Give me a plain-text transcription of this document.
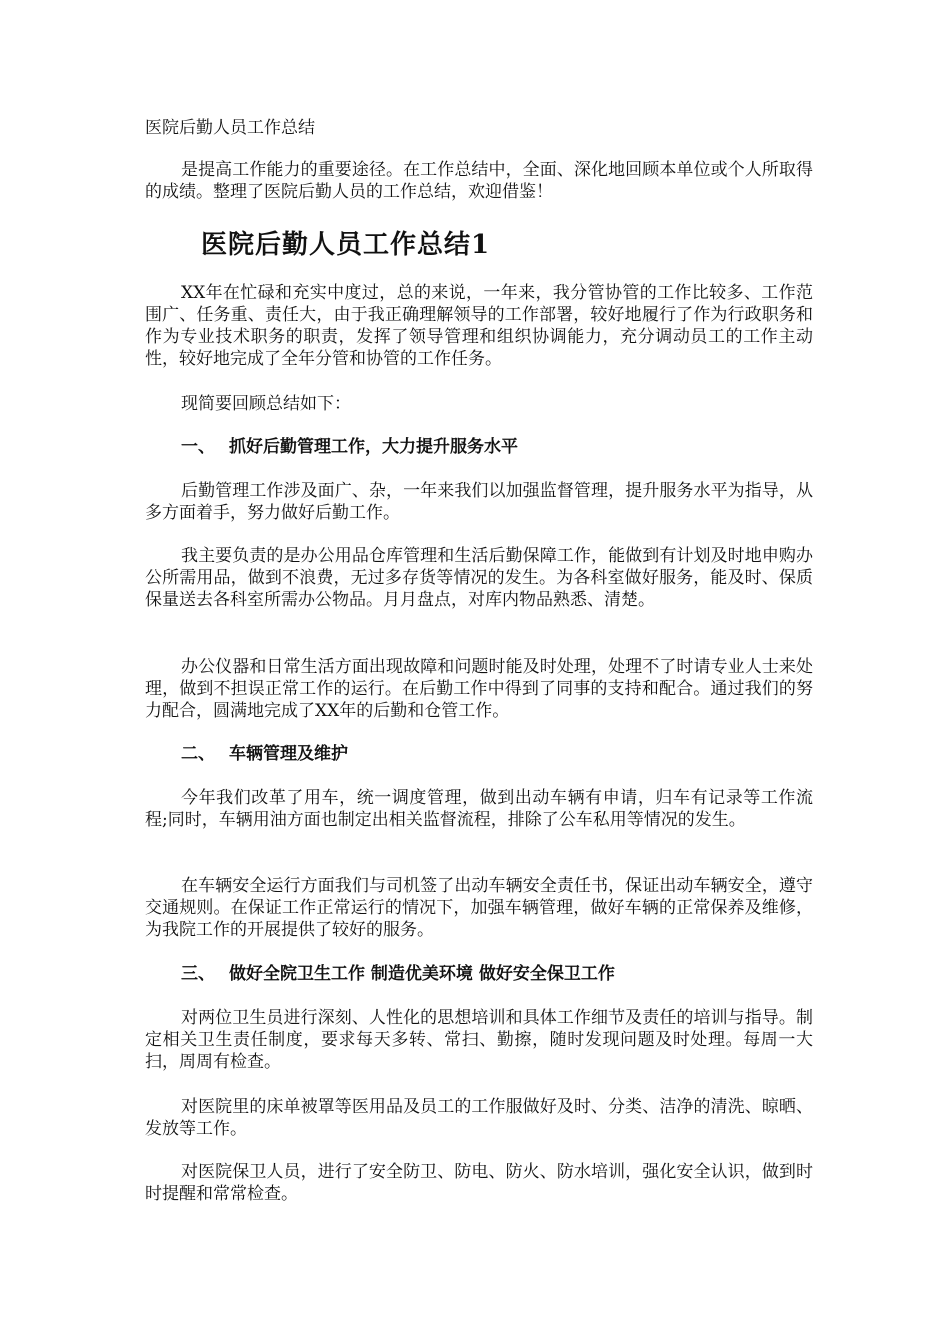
医院后勤人员工作总结

是提高工作能力的重要途径。在工作总结中，全面、深化地回顾本单位或个人所取得的成绩。整理了医院后勤人员的工作总结，欢迎借鉴！

医院后勤人员工作总结1

XX年在忙碌和充实中度过，总的来说，一年来，我分管协管的工作比较多、工作范围广、任务重、责任大，由于我正确理解领导的工作部署，较好地履行了作为行政职务和作为专业技术职务的职责，发挥了领导管理和组织协调能力，充分调动员工的工作主动性，较好地完成了全年分管和协管的工作任务。

现简要回顾总结如下：

一、 抓好后勤管理工作，大力提升服务水平

后勤管理工作涉及面广、杂，一年来我们以加强监督管理，提升服务水平为指导，从多方面着手，努力做好后勤工作。

我主要负责的是办公用品仓库管理和生活后勤保障工作，能做到有计划及时地申购办公所需用品，做到不浪费，无过多存货等情况的发生。为各科室做好服务，能及时、保质保量送去各科室所需办公物品。月月盘点，对库内物品熟悉、清楚。

办公仪器和日常生活方面出现故障和问题时能及时处理，处理不了时请专业人士来处理，做到不担误正常工作的运行。在后勤工作中得到了同事的支持和配合。通过我们的努力配合，圆满地完成了XX年的后勤和仓管工作。

二、 车辆管理及维护

今年我们改革了用车，统一调度管理，做到出动车辆有申请，归车有记录等工作流程;同时，车辆用油方面也制定出相关监督流程，排除了公车私用等情况的发生。

在车辆安全运行方面我们与司机签了出动车辆安全责任书，保证出动车辆安全，遵守交通规则。在保证工作正常运行的情况下，加强车辆管理，做好车辆的正常保养及维修，为我院工作的开展提供了较好的服务。

三、 做好全院卫生工作 制造优美环境 做好安全保卫工作

对两位卫生员进行深刻、人性化的思想培训和具体工作细节及责任的培训与指导。制定相关卫生责任制度，要求每天多转、常扫、勤擦，随时发现问题及时处理。每周一大扫，周周有检查。

对医院里的床单被罩等医用品及员工的工作服做好及时、分类、洁净的清洗、晾晒、发放等工作。

对医院保卫人员，进行了安全防卫、防电、防火、防水培训，强化安全认识，做到时时提醒和常常检查。
